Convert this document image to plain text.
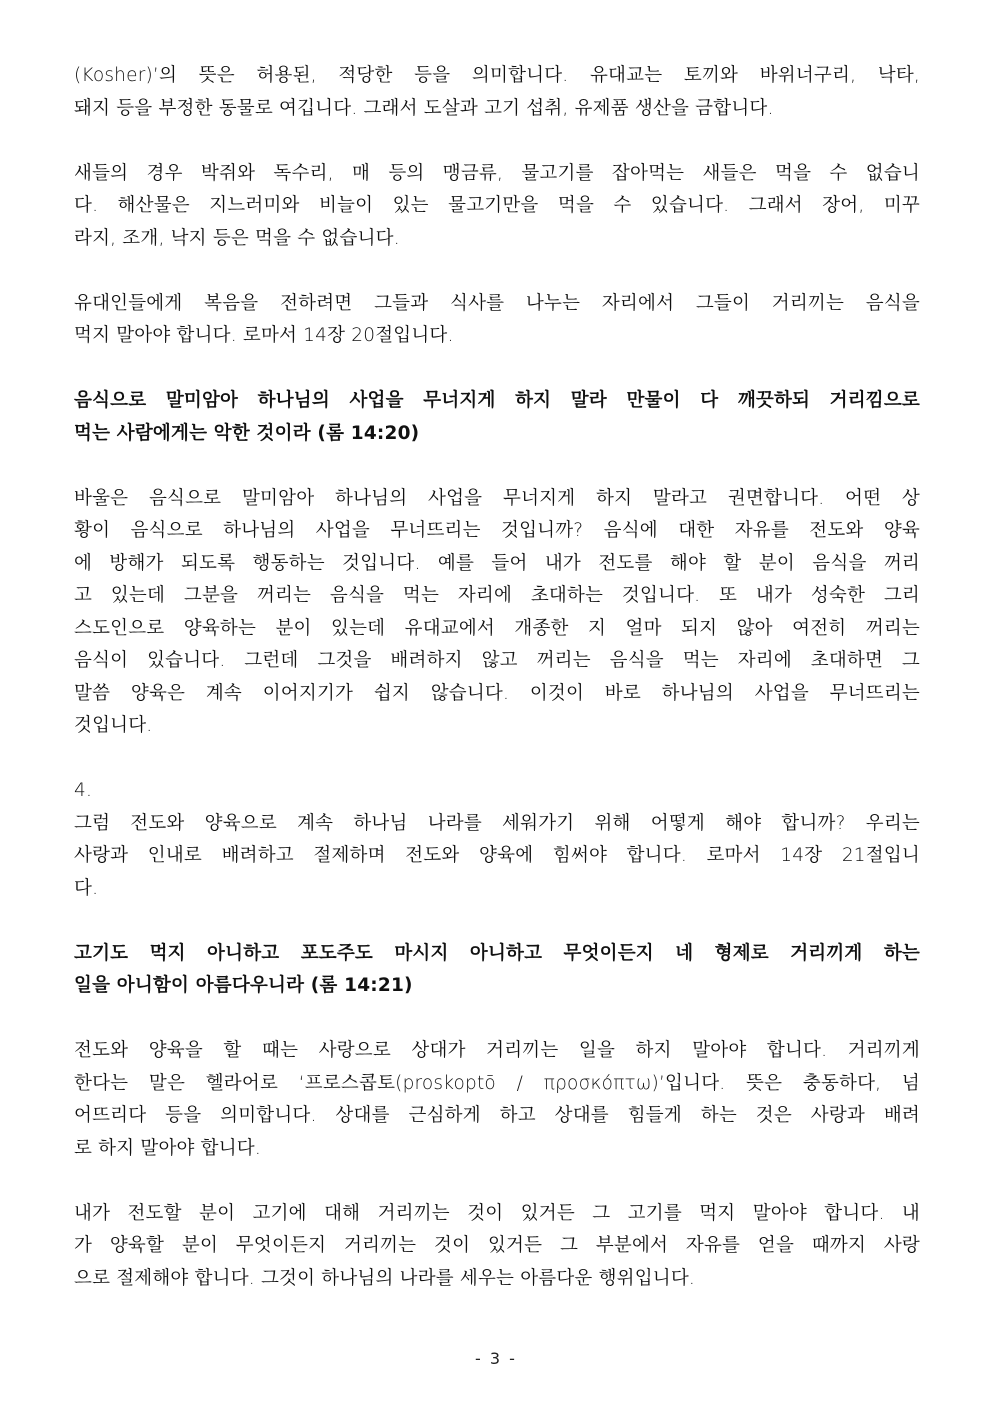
(Kosher)’의 뜻은 허용된, 적당한 등을 의미합니다. 유대교는 토끼와 바위너구리, 낙타,
돼지 등을 부정한 동물로 여깁니다. 그래서 도살과 고기 섭취, 유제품 생산을 금합니다.

새들의 경우 박쥐와 독수리, 매 등의 맹금류, 물고기를 잡아먹는 새들은 먹을 수 없습니
다. 해산물은 지느러미와 비늘이 있는 물고기만을 먹을 수 있습니다. 그래서 장어, 미꾸
라지, 조개, 낙지 등은 먹을 수 없습니다.

유대인들에게 복음을 전하려면 그들과 식사를 나누는 자리에서 그들이 거리끼는 음식을
먹지 말아야 합니다. 로마서 14장 20절입니다.

음식으로 말미암아 하나님의 사업을 무너지게 하지 말라 만물이 다 깨끗하되 거리낌으로
먹는 사람에게는 악한 것이라 (롬 14:20)

바울은 음식으로 말미암아 하나님의 사업을 무너지게 하지 말라고 권면합니다. 어떤 상
황이 음식으로 하나님의 사업을 무너뜨리는 것입니까? 음식에 대한 자유를 전도와 양육
에 방해가 되도록 행동하는 것입니다. 예를 들어 내가 전도를 해야 할 분이 음식을 꺼리
고 있는데 그분을 꺼리는 음식을 먹는 자리에 초대하는 것입니다. 또 내가 성숙한 그리
스도인으로 양육하는 분이 있는데 유대교에서 개종한 지 얼마 되지 않아 여전히 꺼리는
음식이 있습니다. 그런데 그것을 배려하지 않고 꺼리는 음식을 먹는 자리에 초대하면 그
말씀 양육은 계속 이어지기가 쉽지 않습니다. 이것이 바로 하나님의 사업을 무너뜨리는
것입니다.

4.
그럼 전도와 양육으로 계속 하나님 나라를 세워가기 위해 어떻게 해야 합니까? 우리는
사랑과 인내로 배려하고 절제하며 전도와 양육에 힘써야 합니다. 로마서 14장 21절입니
다.

고기도 먹지 아니하고 포도주도 마시지 아니하고 무엇이든지 네 형제로 거리끼게 하는
일을 아니함이 아름다우니라 (롬 14:21)

전도와 양육을 할 때는 사랑으로 상대가 거리끼는 일을 하지 말아야 합니다. 거리끼게
한다는 말은 헬라어로 ‘프로스콥토(proskoptō / προσκόπτω)’입니다. 뜻은 충동하다, 넘
어뜨리다 등을 의미합니다. 상대를 근심하게 하고 상대를 힘들게 하는 것은 사랑과 배려
로 하지 말아야 합니다.

내가 전도할 분이 고기에 대해 거리끼는 것이 있거든 그 고기를 먹지 말아야 합니다. 내
가 양육할 분이 무엇이든지 거리끼는 것이 있거든 그 부분에서 자유를 얻을 때까지 사랑
으로 절제해야 합니다. 그것이 하나님의 나라를 세우는 아름다운 행위입니다.

- 3 -
